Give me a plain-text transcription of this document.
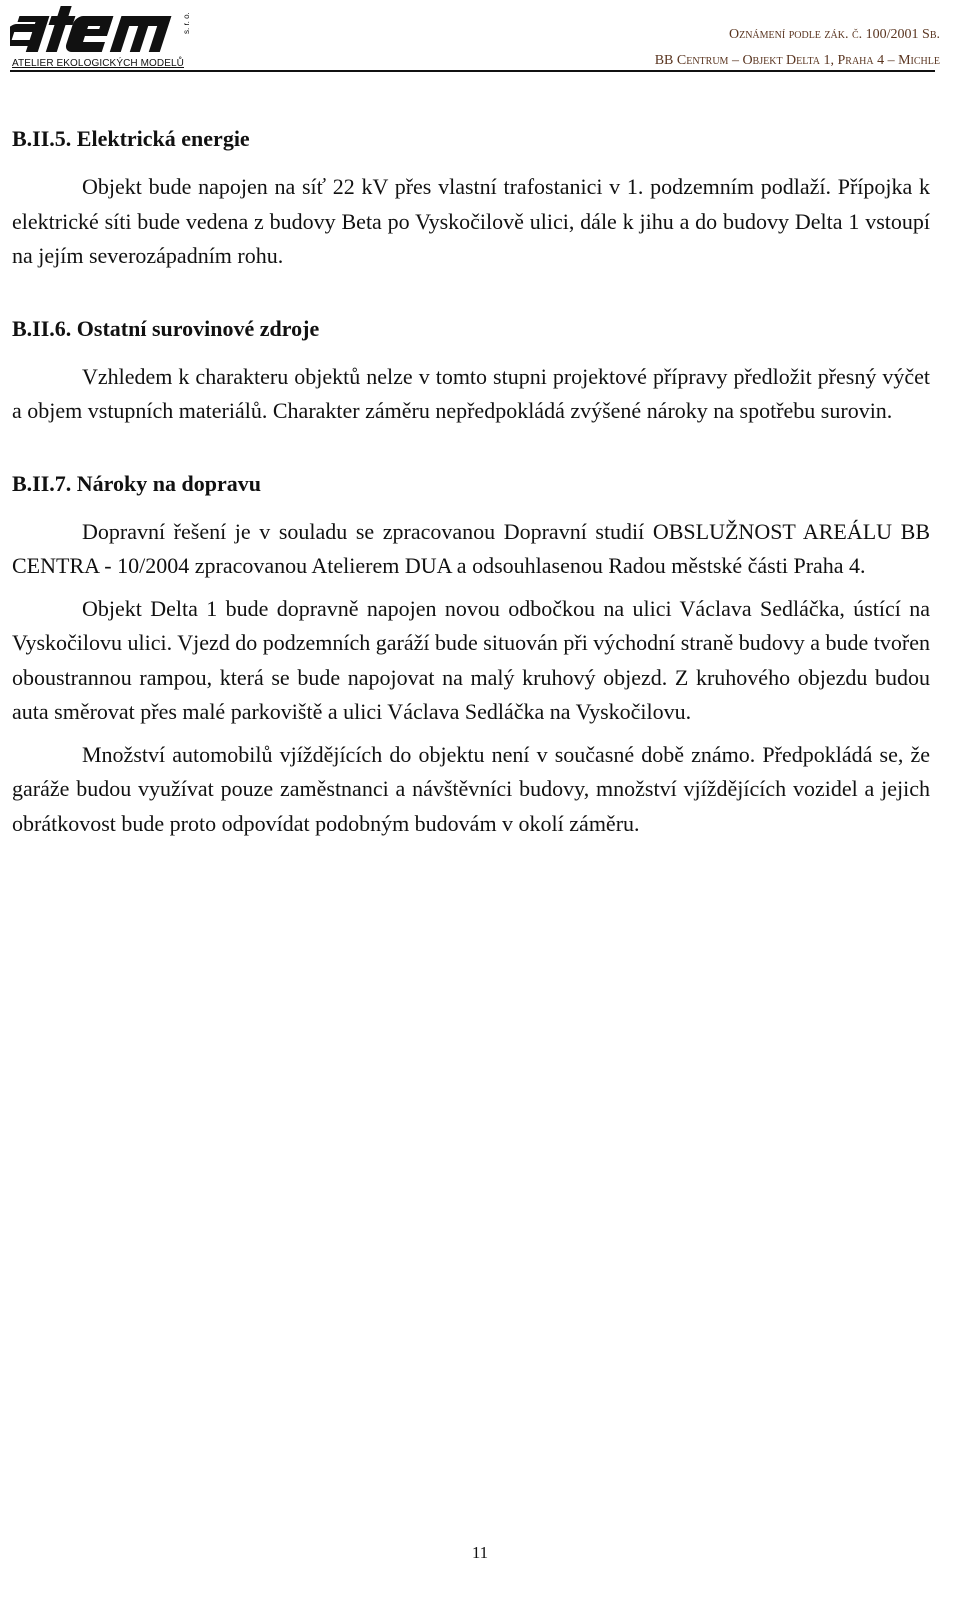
ATELIER EKOLOGICKÝCH MODELŮ
s. r. o.
Oznámení podle zák. č. 100/2001 Sb.
BB Centrum – Objekt Delta 1, Praha 4 – Michle
B.II.5. Elektrická energie

Objekt bude napojen na síť 22 kV přes vlastní trafostanici v 1. podzemním podlaží. Přípojka k elektrické síti bude vedena z budovy Beta po Vyskočilově ulici, dále k jihu a do budovy Delta 1 vstoupí na jejím severozápadním rohu.

B.II.6. Ostatní surovinové zdroje

Vzhledem k charakteru objektů nelze v tomto stupni projektové přípravy předložit přesný výčet a objem vstupních materiálů. Charakter záměru nepředpokládá zvýšené nároky na spotřebu surovin.

B.II.7. Nároky na dopravu

Dopravní řešení je v souladu se zpracovanou Dopravní studií OBSLUŽNOST AREÁLU BB CENTRA - 10/2004 zpracovanou Atelierem DUA a odsouhlasenou Radou městské části Praha 4.

Objekt Delta 1 bude dopravně napojen novou odbočkou na ulici Václava Sedláčka, ústící na Vyskočilovu ulici. Vjezd do podzemních garáží bude situován při východní straně budovy a bude tvořen oboustrannou rampou, která se bude napojovat na malý kruhový objezd. Z kruhového objezdu budou auta směrovat přes malé parkoviště a ulici Václava Sedláčka na Vyskočilovu.

Množství automobilů vjíždějících do objektu není v současné době známo. Předpokládá se, že garáže budou využívat pouze zaměstnanci a návštěvníci budovy, množství vjíždějících vozidel a jejich obrátkovost bude proto odpovídat podobným budovám v okolí záměru.

11
